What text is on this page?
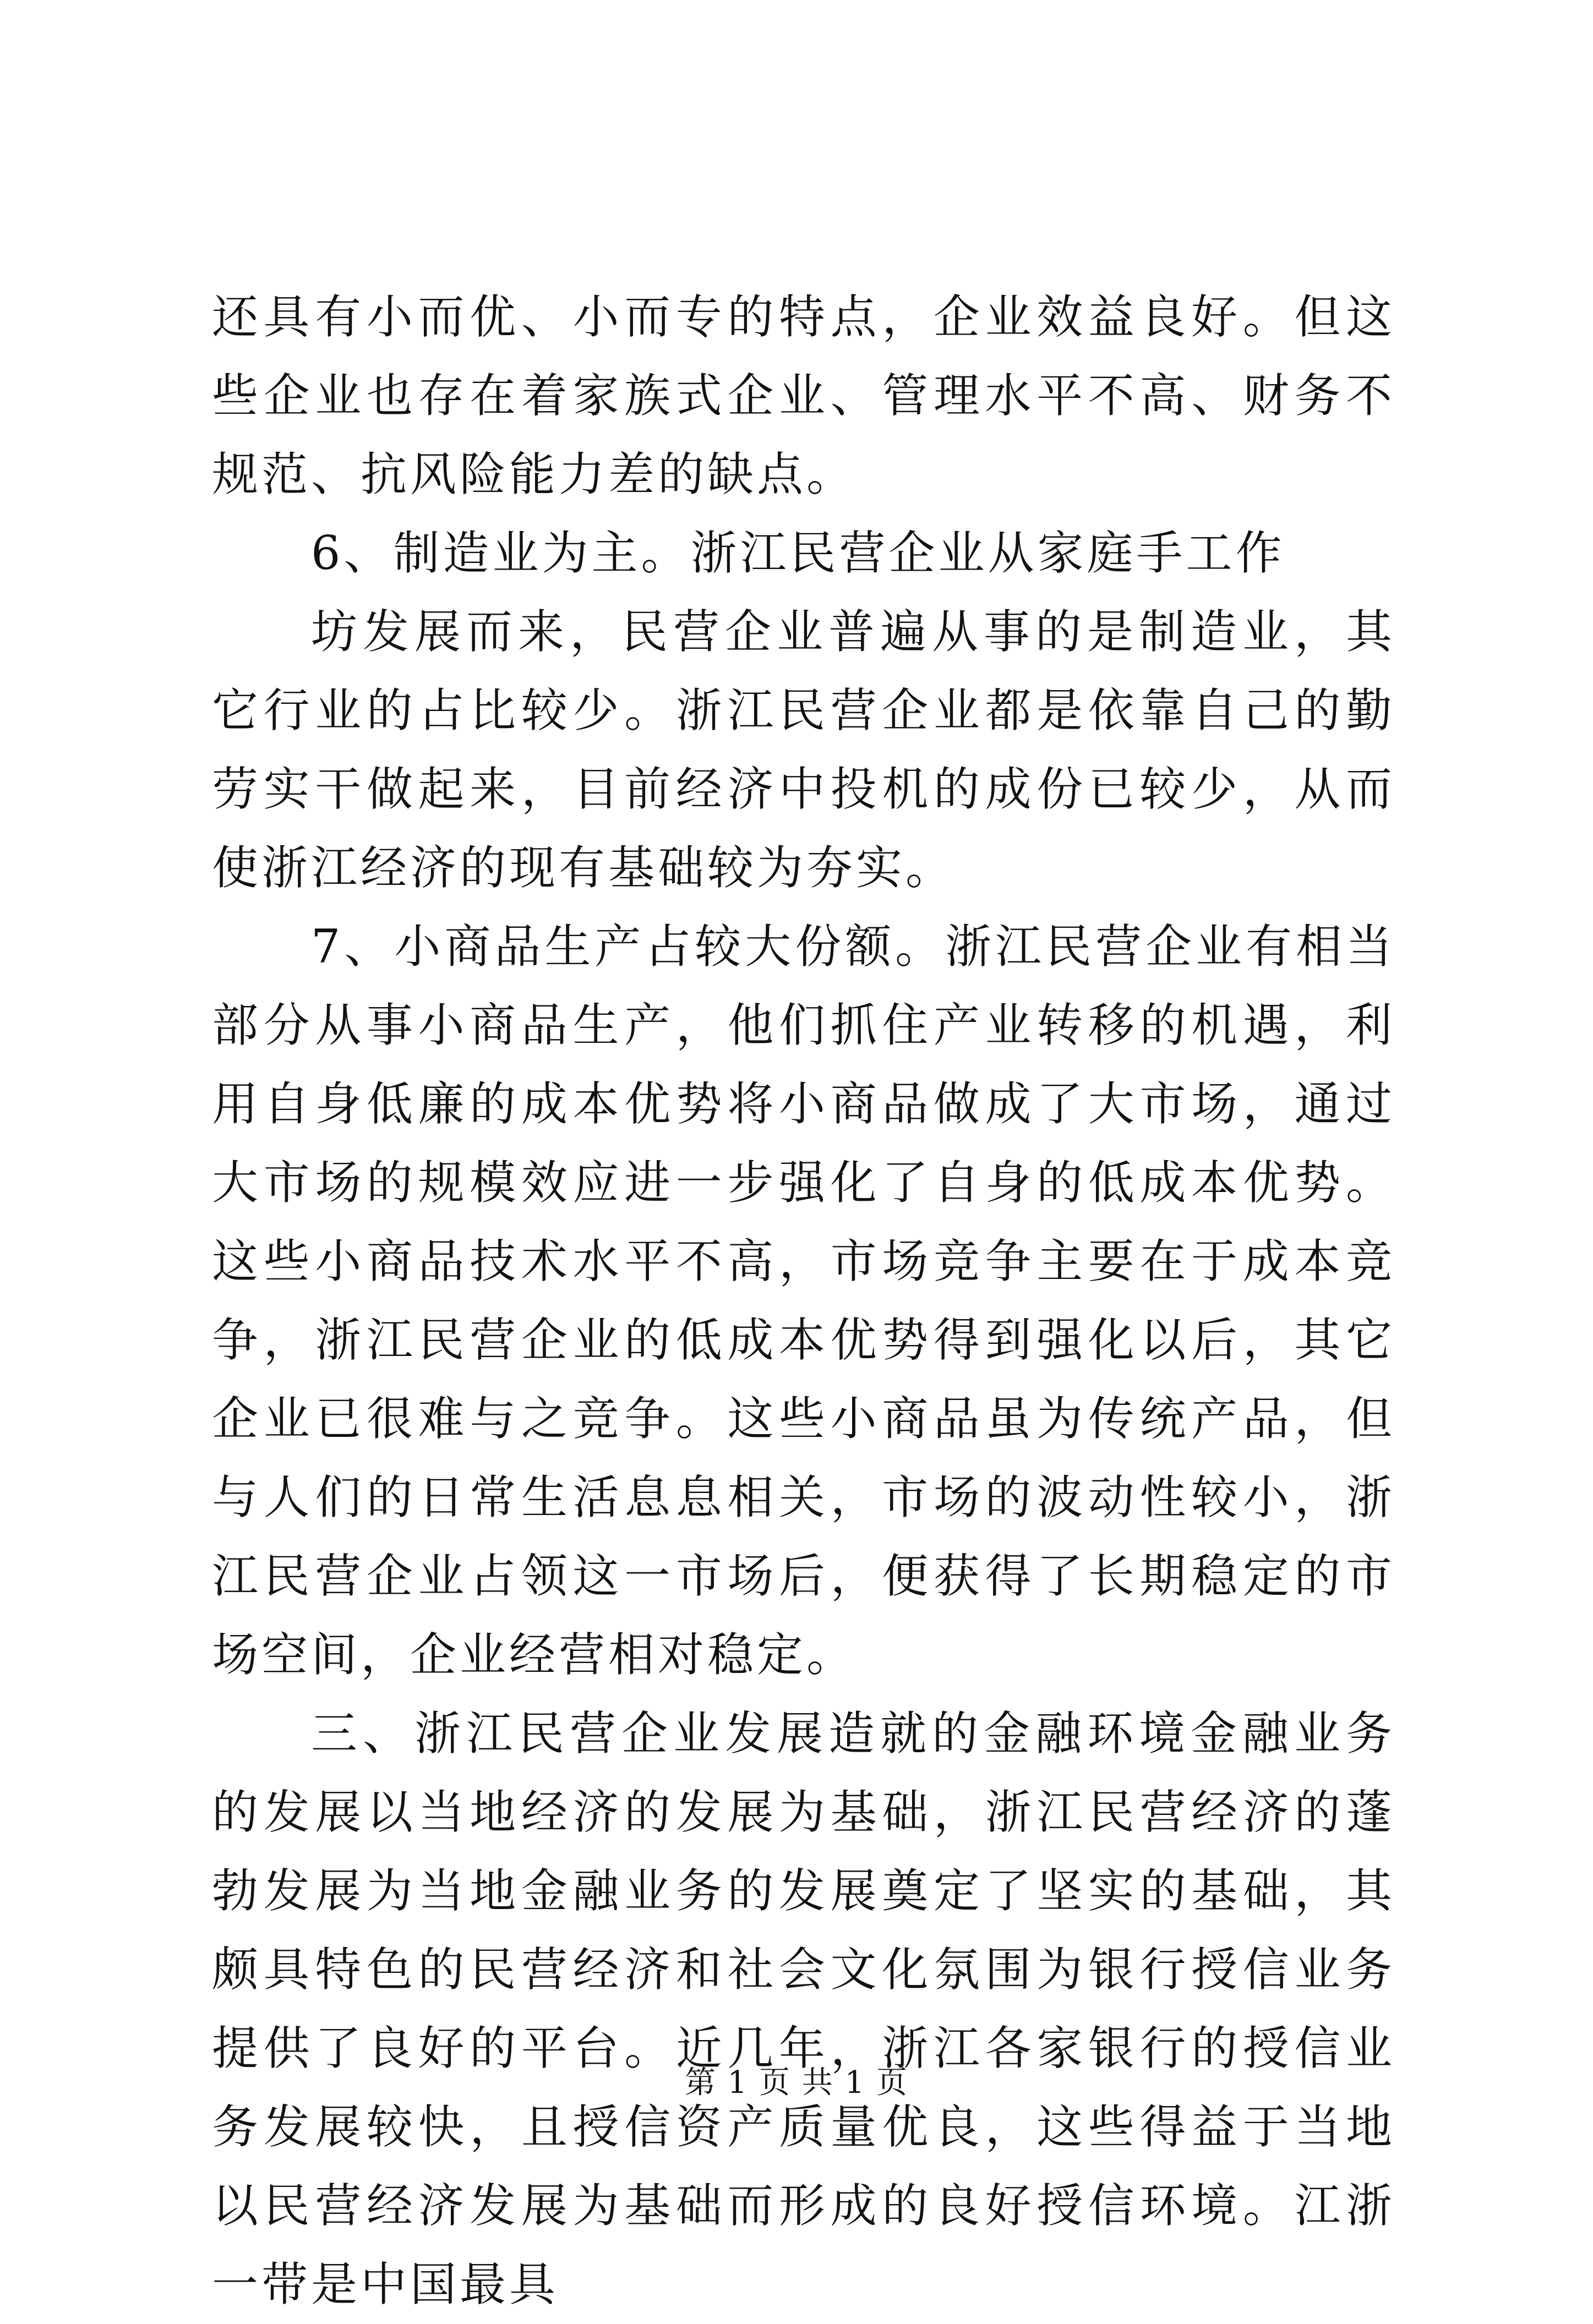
还具有小而优、小而专的特点，企业效益良好。但这些企业也存在着家族式企业、管理水平不高、财务不规范、抗风险能力差的缺点。

6、制造业为主。浙江民营企业从家庭手工作

坊发展而来，民营企业普遍从事的是制造业，其它行业的占比较少。浙江民营企业都是依靠自己的勤劳实干做起来，目前经济中投机的成份已较少，从而使浙江经济的现有基础较为夯实。

7、小商品生产占较大份额。浙江民营企业有相当部分从事小商品生产，他们抓住产业转移的机遇，利用自身低廉的成本优势将小商品做成了大市场，通过大市场的规模效应进一步强化了自身的低成本优势。这些小商品技术水平不高，市场竞争主要在于成本竞争，浙江民营企业的低成本优势得到强化以后，其它企业已很难与之竞争。这些小商品虽为传统产品，但与人们的日常生活息息相关，市场的波动性较小，浙江民营企业占领这一市场后，便获得了长期稳定的市场空间，企业经营相对稳定。

三、浙江民营企业发展造就的金融环境金融业务的发展以当地经济的发展为基础，浙江民营经济的蓬勃发展为当地金融业务的发展奠定了坚实的基础，其颇具特色的民营经济和社会文化氛围为银行授信业务提供了良好的平台。近几年，浙江各家银行的授信业务发展较快，且授信资产质量优良，这些得益于当地以民营经济发展为基础而形成的良好授信环境。江浙一带是中国最具

第 1 页 共 1 页
